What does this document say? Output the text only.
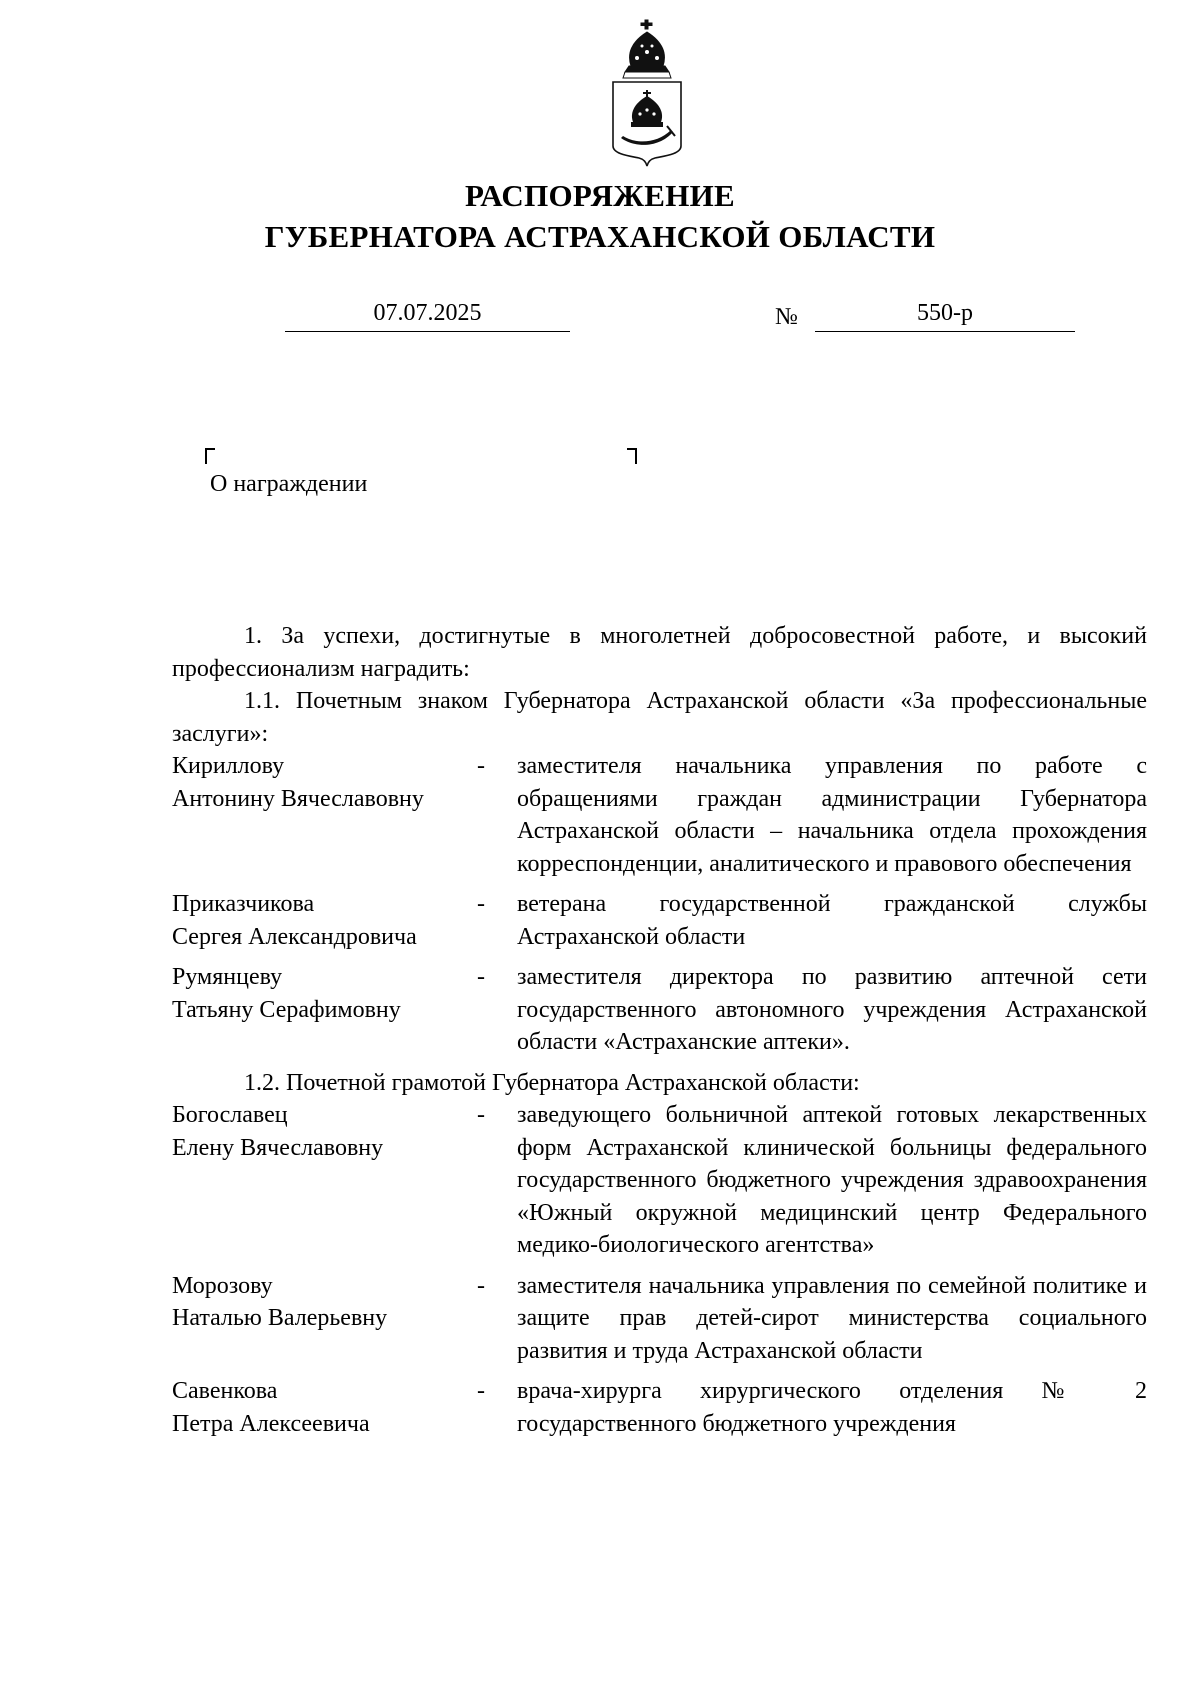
РАСПОРЯЖЕНИЕ
ГУБЕРНАТОРА АСТРАХАНСКОЙ ОБЛАСТИ
07.07.2025	№	550-р
О награждении

1. За успехи, достигнутые в многолетней добросовестной работе, и высокий профессионализм наградить:

1.1. Почетным знаком Губернатора Астраханской области «За профессиональные заслуги»:

Кириллову
Антонину Вячеславовну
-	заместителя начальника управления по работе с обращениями граждан администрации Губернатора Астраханской области – начальника отдела прохождения корреспонденции, аналитического и правового обеспечения
Приказчикова
Сергея Александровича
-	ветерана государственной гражданской службы Астраханской области
Румянцеву
Татьяну Серафимовну
-	заместителя директора по развитию аптечной сети государственного автономного учреждения Астраханской области «Астраханские аптеки».

1.2. Почетной грамотой Губернатора Астраханской области:

Богославец
Елену Вячеславовну
-	заведующего больничной аптекой готовых лекарственных форм Астраханской клинической больницы федерального государственного бюджетного учреждения здравоохранения «Южный окружной медицинский центр Федерального медико-биологического агентства»
Морозову
Наталью Валерьевну
-	заместителя начальника управления по семейной политике и защите прав детей-сирот министерства социального развития и труда Астраханской области
Савенкова
Петра Алексеевича
-	врача-хирурга хирургического отделения № 2 государственного бюджетного учреждения
